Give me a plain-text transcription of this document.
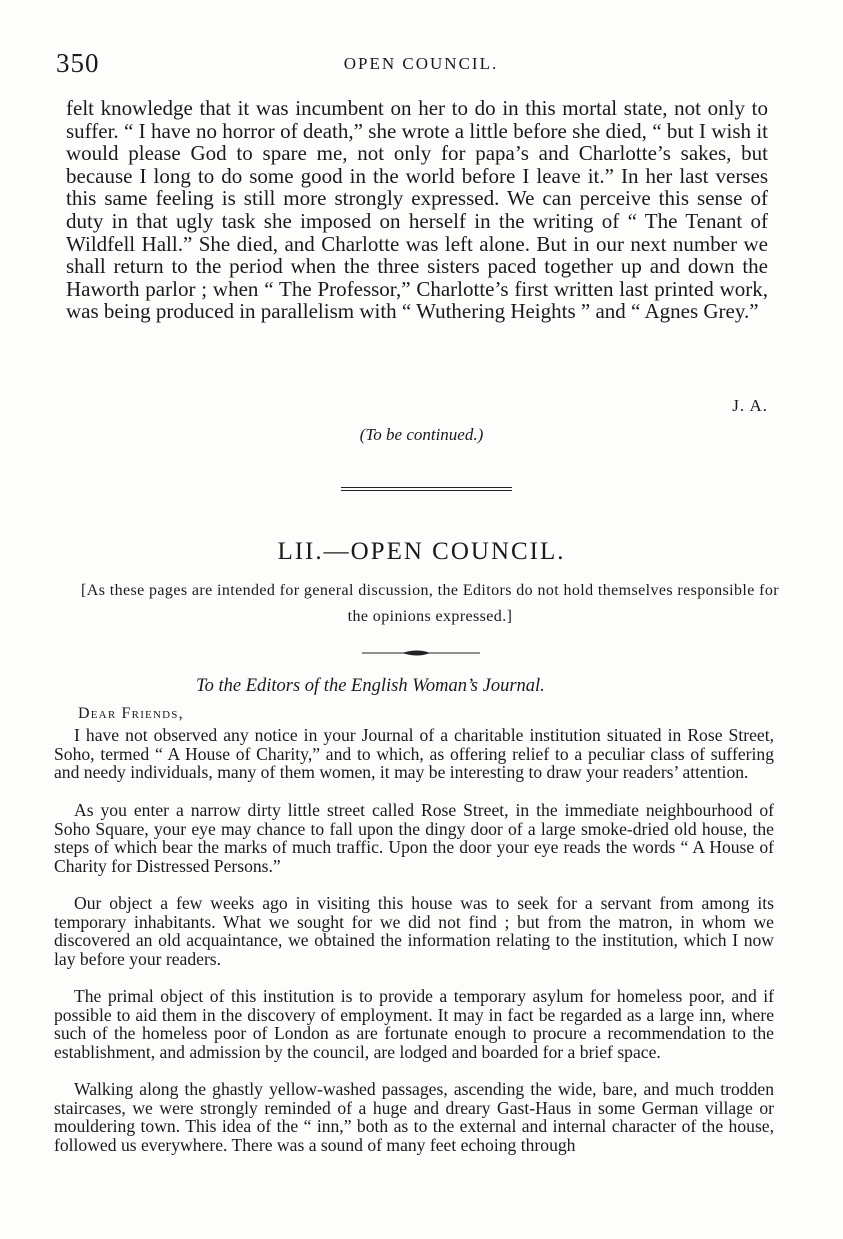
350	OPEN COUNCIL.
felt knowledge that it was incumbent on her to do in this mortal state, not only to suffer. “ I have no horror of death,” she wrote a little before she died, “ but I wish it would please God to spare me, not only for papa’s and Charlotte’s sakes, but because I long to do some good in the world before I leave it.” In her last verses this same feeling is still more strongly expressed. We can perceive this sense of duty in that ugly task she imposed on herself in the writing of “ The Tenant of Wildfell Hall.” She died, and Charlotte was left alone. But in our next number we shall return to the period when the three sisters paced together up and down the Haworth parlor ; when “ The Professor,” Charlotte’s first written last printed work, was being produced in parallelism with “ Wuthering Heights ” and “ Agnes Grey.”
J. A.
(To be continued.)
LII.—OPEN COUNCIL.
[As these pages are intended for general discussion, the Editors do not hold themselves responsible for the opinions expressed.]
To the Editors of the English Woman’s Journal.
Dear Friends,

I have not observed any notice in your Journal of a charitable institution situated in Rose Street, Soho, termed “ A House of Charity,” and to which, as offering relief to a peculiar class of suffering and needy individuals, many of them women, it may be interesting to draw your readers’ attention.

As you enter a narrow dirty little street called Rose Street, in the immediate neighbourhood of Soho Square, your eye may chance to fall upon the dingy door of a large smoke-dried old house, the steps of which bear the marks of much traffic. Upon the door your eye reads the words “ A House of Charity for Distressed Persons.”

Our object a few weeks ago in visiting this house was to seek for a servant from among its temporary inhabitants. What we sought for we did not find ; but from the matron, in whom we discovered an old acquaintance, we obtained the information relating to the institution, which I now lay before your readers.

The primal object of this institution is to provide a temporary asylum for homeless poor, and if possible to aid them in the discovery of employment. It may in fact be regarded as a large inn, where such of the homeless poor of London as are fortunate enough to procure a recommendation to the establishment, and admission by the council, are lodged and boarded for a brief space.

Walking along the ghastly yellow-washed passages, ascending the wide, bare, and much trodden staircases, we were strongly reminded of a huge and dreary Gast-Haus in some German village or mouldering town. This idea of the “ inn,” both as to the external and internal character of the house, followed us everywhere. There was a sound of many feet echoing through
